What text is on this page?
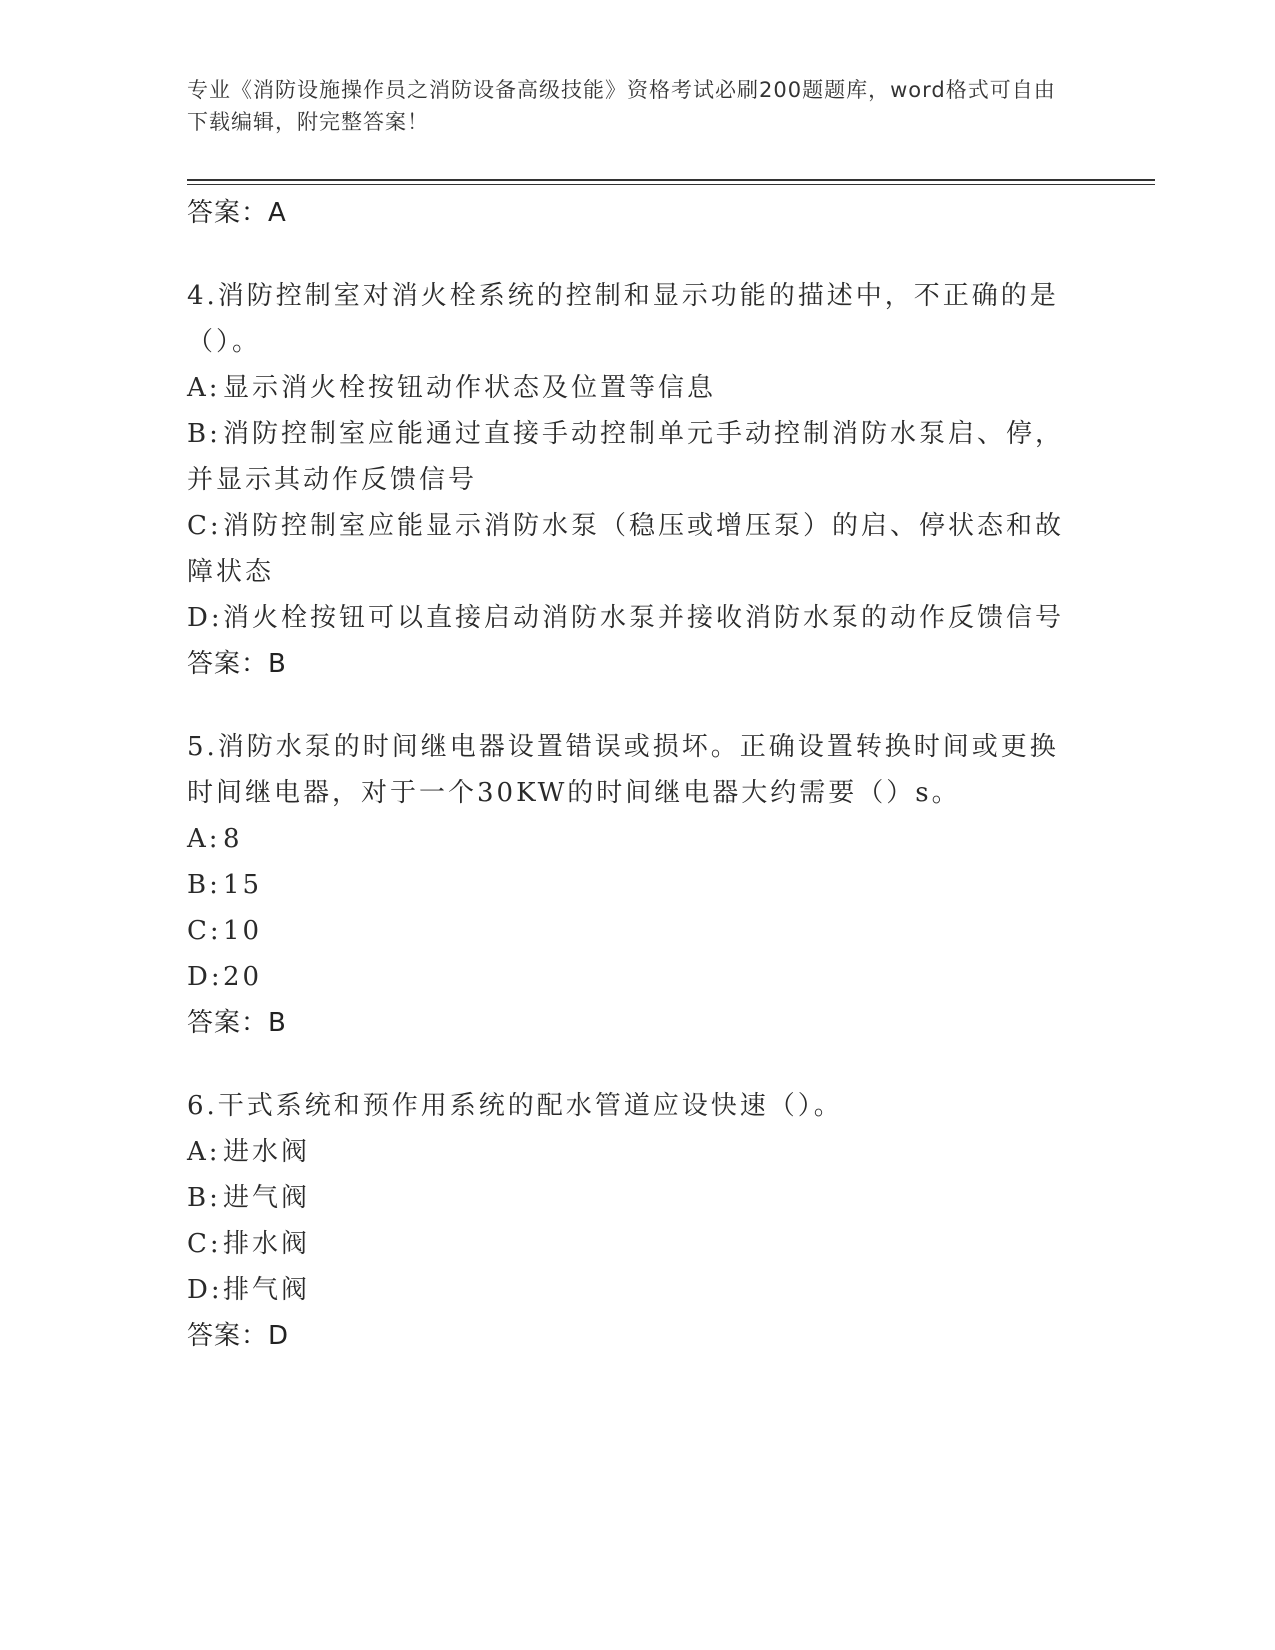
专业《消防设施操作员之消防设备高级技能》资格考试必刷200题题库，word格式可自由下载编辑，附完整答案！

答案：A

4.消防控制室对消火栓系统的控制和显示功能的描述中，不正确的是（）。

A:显示消火栓按钮动作状态及位置等信息

B:消防控制室应能通过直接手动控制单元手动控制消防水泵启、停，并显示其动作反馈信号

C:消防控制室应能显示消防水泵（稳压或增压泵）的启、停状态和故障状态

D:消火栓按钮可以直接启动消防水泵并接收消防水泵的动作反馈信号

答案：B

5.消防水泵的时间继电器设置错误或损坏。正确设置转换时间或更换时间继电器，对于一个30KW的时间继电器大约需要（）s。

A:8

B:15

C:10

D:20

答案：B

6.干式系统和预作用系统的配水管道应设快速（）。

A:进水阀

B:进气阀

C:排水阀

D:排气阀

答案：D
